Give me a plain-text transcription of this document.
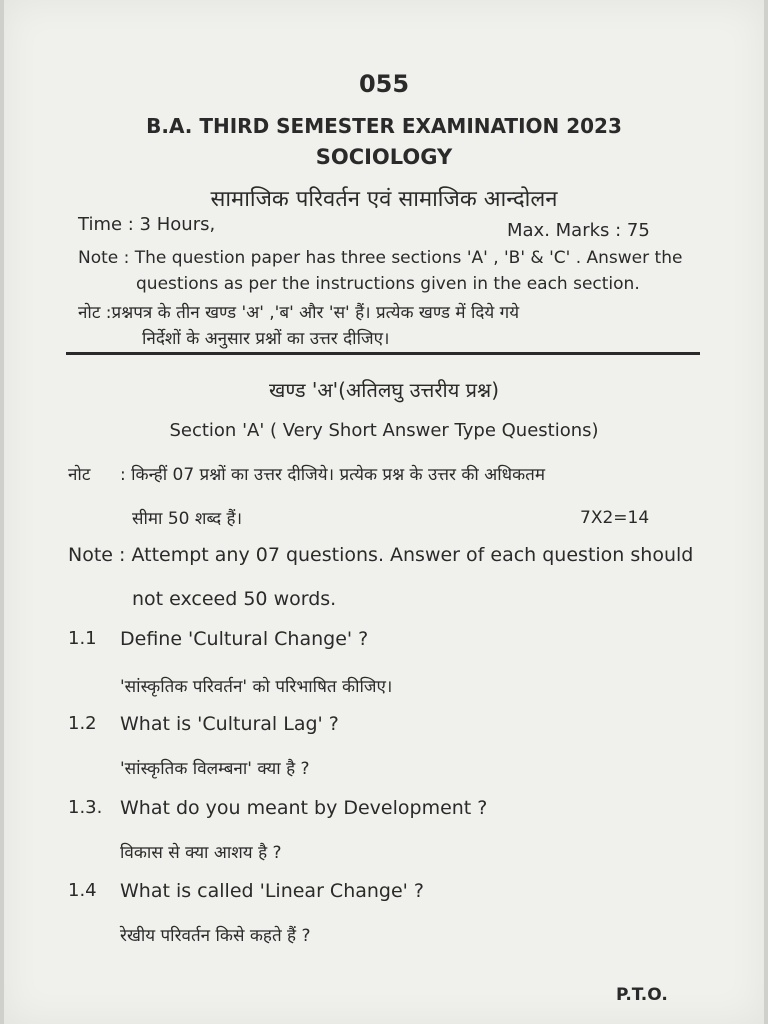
055
B.A. THIRD SEMESTER EXAMINATION 2023
SOCIOLOGY
सामाजिक परिवर्तन एवं सामाजिक आन्दोलन
Time : 3 Hours,	Max. Marks : 75
Note : The question paper has three sections 'A' , 'B' & 'C' . Answer the
questions as per the instructions given in the each section.
नोट :प्रश्नपत्र के तीन खण्ड 'अ' ,'ब' और 'स' हैं। प्रत्येक खण्ड में दिये गये
निर्देशों के अनुसार प्रश्नों का उत्तर दीजिए।
खण्ड 'अ'(अतिलघु उत्तरीय प्रश्न)
Section 'A' ( Very Short Answer Type Questions)
नोट : किन्हीं 07 प्रश्नों का उत्तर दीजिये। प्रत्येक प्रश्न के उत्तर की अधिकतम
सीमा 50 शब्द हैं।	7X2=14
Note : Attempt any 07 questions. Answer of each question should
not exceed 50 words.
1.1 Define 'Cultural Change' ?
'सांस्कृतिक परिवर्तन' को परिभाषित कीजिए।
1.2 What is 'Cultural Lag' ?
'सांस्कृतिक विलम्बना' क्या है ?
1.3. What do you meant by Development ?
विकास से क्या आशय है ?
1.4 What is called 'Linear Change' ?
रेखीय परिवर्तन किसे कहते हैं ?
P.T.O.
